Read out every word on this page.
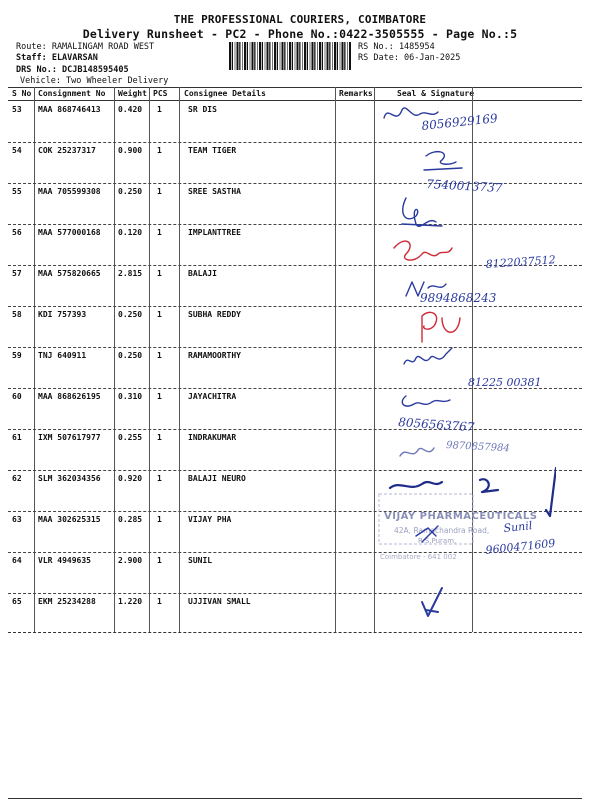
THE PROFESSIONAL COURIERS, COIMBATORE
Delivery Runsheet - PC2 - Phone No.:0422-3505555 - Page No.:5
Route: RAMALINGAM ROAD WEST
Staff: ELAVARSAN
DRS No.: DCJB148595405
Vehicle: Two Wheeler Delivery
RS No.: 1485954
RS Date: 06-Jan-2025
S No Consignment No Weight PCS Consignee Details	Remarks	Seal & Signature
53 MAA 868746413 0.420 1	SR DIS
54 COK 25237317	0.900 1	TEAM TIGER
55 MAA 705599308 0.250 1	SREE SASTHA
56 MAA 577000168 0.120 1	IMPLANTTREE
57 MAA 575820665 2.815 1	BALAJI
58 KDI 757393	0.250 1	SUBHA REDDY
59 TNJ 640911	0.250 1	RAMAMOORTHY
60 MAA 868626195 0.310 1	JAYACHITRA
61 IXM 507617977 0.255 1	INDRAKUMAR
62 SLM 362034356 0.920 1	BALAJI NEURO
63 MAA 302625315 0.285 1	VIJAY PHA
64 VLR 4949635	2.900 1	SUNIL
65 EKM 25234288	1.220 1	UJJIVAN SMALL
VIJAY PHARMACEUTICALS
42A, Ramachandra Road,
R.S.Puram,
Coimbatore - 641 002
8056929169
7540013737
8122037512
9894868243
81225 00381
8056563767
9870857984
Sunil
9600471609
